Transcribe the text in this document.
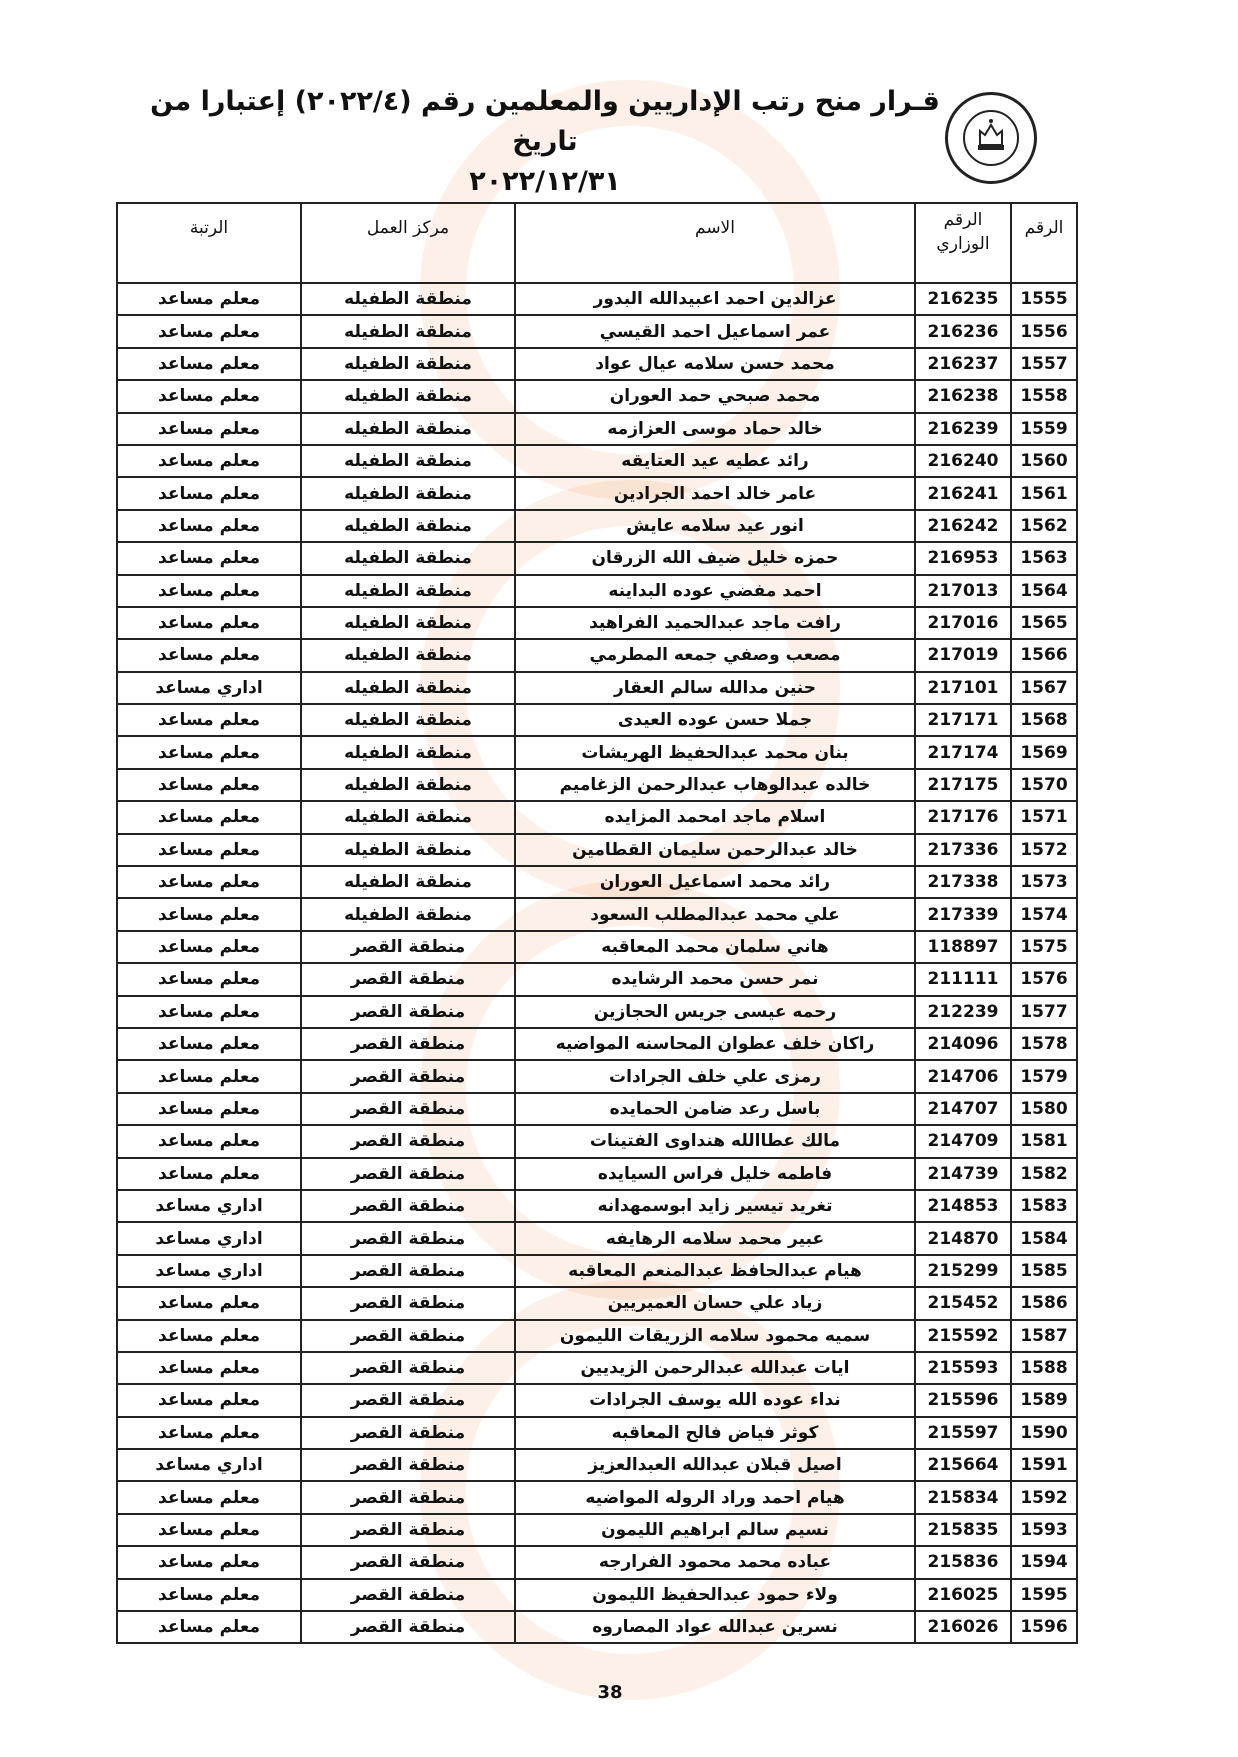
قـرار منح رتب الإداريين والمعلمين رقم (٢٠٢٢/٤) إعتبارا من تاريخ
٢٠٢٢/١٢/٣١
الرقم	الرقم الوزاري	الاسم	مركز العمل	الرتبة
1555	216235	عزالدين احمد اعبيدالله البدور	منطقة الطفيله	معلم مساعد
1556	216236	عمر اسماعيل احمد القيسي	منطقة الطفيله	معلم مساعد
1557	216237	محمد حسن سلامه عيال عواد	منطقة الطفيله	معلم مساعد
1558	216238	محمد صبحي حمد العوران	منطقة الطفيله	معلم مساعد
1559	216239	خالد حماد موسى العزازمه	منطقة الطفيله	معلم مساعد
1560	216240	رائد عطيه عيد العتايقه	منطقة الطفيله	معلم مساعد
1561	216241	عامر خالد احمد الجرادين	منطقة الطفيله	معلم مساعد
1562	216242	انور عيد سلامه عايش	منطقة الطفيله	معلم مساعد
1563	216953	حمزه خليل ضيف الله الزرقان	منطقة الطفيله	معلم مساعد
1564	217013	احمد مفضي عوده البداينه	منطقة الطفيله	معلم مساعد
1565	217016	رافت ماجد عبدالحميد الفراهيد	منطقة الطفيله	معلم مساعد
1566	217019	مصعب وصفي جمعه المطرمي	منطقة الطفيله	معلم مساعد
1567	217101	حنين مدالله سالم العقار	منطقة الطفيله	اداري مساعد
1568	217171	جملا حسن عوده العيدى	منطقة الطفيله	معلم مساعد
1569	217174	بنان محمد عبدالحفيظ الهريشات	منطقة الطفيله	معلم مساعد
1570	217175	خالده عبدالوهاب عبدالرحمن الزغاميم	منطقة الطفيله	معلم مساعد
1571	217176	اسلام ماجد امحمد المزايده	منطقة الطفيله	معلم مساعد
1572	217336	خالد عبدالرحمن سليمان القطامين	منطقة الطفيله	معلم مساعد
1573	217338	رائد محمد اسماعيل العوران	منطقة الطفيله	معلم مساعد
1574	217339	علي محمد عبدالمطلب السعود	منطقة الطفيله	معلم مساعد
1575	118897	هاني سلمان محمد المعاقبه	منطقة القصر	معلم مساعد
1576	211111	نمر حسن محمد الرشايده	منطقة القصر	معلم مساعد
1577	212239	رحمه عيسى جريس الحجازين	منطقة القصر	معلم مساعد
1578	214096	راكان خلف عطوان المحاسنه المواضيه	منطقة القصر	معلم مساعد
1579	214706	رمزى علي خلف الجرادات	منطقة القصر	معلم مساعد
1580	214707	باسل رعد ضامن الحمايده	منطقة القصر	معلم مساعد
1581	214709	مالك عطاالله هنداوى الفتينات	منطقة القصر	معلم مساعد
1582	214739	فاطمه خليل فراس السيايده	منطقة القصر	معلم مساعد
1583	214853	تغريد تيسير زايد ابوسمهدانه	منطقة القصر	اداري مساعد
1584	214870	عبير محمد سلامه الرهايفه	منطقة القصر	اداري مساعد
1585	215299	هيام عبدالحافظ عبدالمنعم المعاقبه	منطقة القصر	اداري مساعد
1586	215452	زياد علي حسان العميريين	منطقة القصر	معلم مساعد
1587	215592	سميه محمود سلامه الزريقات الليمون	منطقة القصر	معلم مساعد
1588	215593	ايات عبدالله عبدالرحمن الزيديين	منطقة القصر	معلم مساعد
1589	215596	نداء عوده الله يوسف الجرادات	منطقة القصر	معلم مساعد
1590	215597	كوثر فياض فالح المعاقبه	منطقة القصر	معلم مساعد
1591	215664	اصيل قبلان عبدالله العبدالعزيز	منطقة القصر	اداري مساعد
1592	215834	هيام احمد وراد الروله المواضيه	منطقة القصر	معلم مساعد
1593	215835	نسيم سالم ابراهيم الليمون	منطقة القصر	معلم مساعد
1594	215836	عباده محمد محمود الفرارجه	منطقة القصر	معلم مساعد
1595	216025	ولاء حمود عبدالحفيظ الليمون	منطقة القصر	معلم مساعد
1596	216026	نسرين عبدالله عواد المصاروه	منطقة القصر	معلم مساعد
38
